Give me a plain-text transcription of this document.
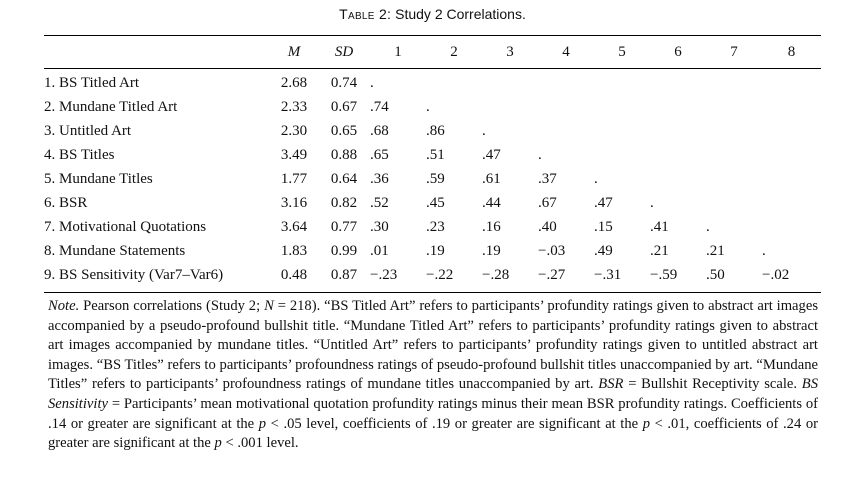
Table 2: Study 2 Correlations.
	M	SD	1	2	3	4	5	6	7	8
1. BS Titled Art	2.68	0.74	.							
2. Mundane Titled Art	2.33	0.67	.74	.						
3. Untitled Art	2.30	0.65	.68	.86	.					
4. BS Titles	3.49	0.88	.65	.51	.47	.				
5. Mundane Titles	1.77	0.64	.36	.59	.61	.37	.			
6. BSR	3.16	0.82	.52	.45	.44	.67	.47	.		
7. Motivational Quotations	3.64	0.77	.30	.23	.16	.40	.15	.41	.	
8. Mundane Statements	1.83	0.99	.01	.19	.19	−.03	.49	.21	.21	.
9. BS Sensitivity (Var7–Var6)	0.48	0.87	−.23	−.22	−.28	−.27	−.31	−.59	.50	−.02
Note. Pearson correlations (Study 2; N = 218). “BS Titled Art” refers to participants’ profundity ratings given to abstract art images accompanied by a pseudo-profound bullshit title. “Mundane Titled Art” refers to participants’ profundity ratings given to abstract art images accompanied by mundane titles. “Untitled Art” refers to participants’ profundity ratings given to untitled abstract art images. “BS Titles” refers to participants’ profoundness ratings of pseudo-profound bullshit titles unaccompanied by art. “Mundane Titles” refers to participants’ profoundness ratings of mundane titles unaccompanied by art. BSR = Bullshit Receptivity scale. BS Sensitivity = Participants’ mean motivational quotation profundity ratings minus their mean BSR profundity ratings. Coefficients of .14 or greater are significant at the p < .05 level, coefficients of .19 or greater are significant at the p < .01, coefficients of .24 or greater are significant at the p < .001 level.
